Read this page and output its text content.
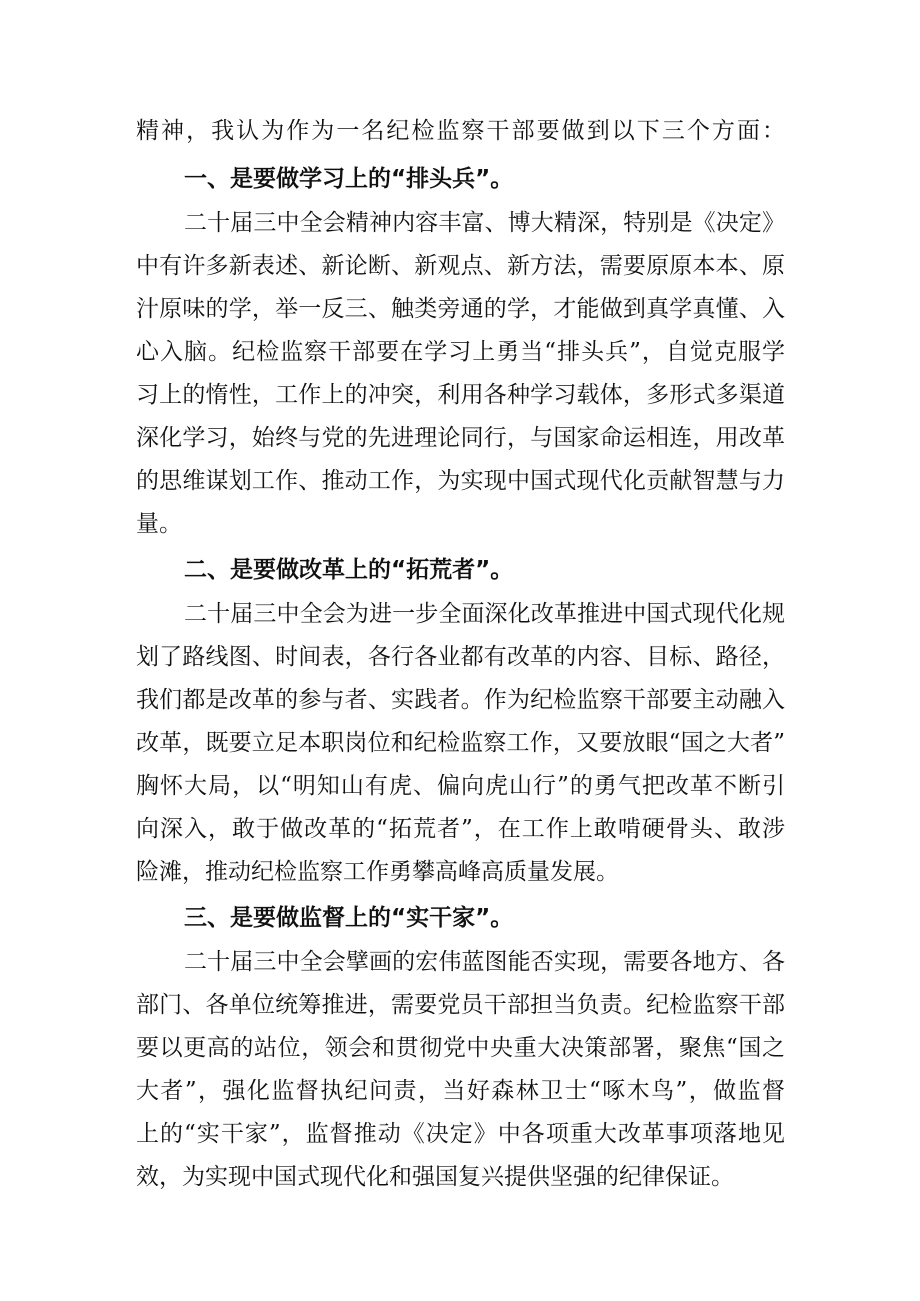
精神，我认为作为一名纪检监察干部要做到以下三个方面：
一、是要做学习上的“排头兵”。
二十届三中全会精神内容丰富、博大精深，特别是《决定》
中有许多新表述、新论断、新观点、新方法，需要原原本本、原
汁原味的学，举一反三、触类旁通的学，才能做到真学真懂、入
心入脑。纪检监察干部要在学习上勇当“排头兵”，自觉克服学
习上的惰性，工作上的冲突，利用各种学习载体，多形式多渠道
深化学习，始终与党的先进理论同行，与国家命运相连，用改革
的思维谋划工作、推动工作，为实现中国式现代化贡献智慧与力
量。
二、是要做改革上的“拓荒者”。
二十届三中全会为进一步全面深化改革推进中国式现代化规
划了路线图、时间表，各行各业都有改革的内容、目标、路径，
我们都是改革的参与者、实践者。作为纪检监察干部要主动融入
改革，既要立足本职岗位和纪检监察工作，又要放眼“国之大者”
胸怀大局，以“明知山有虎、偏向虎山行”的勇气把改革不断引
向深入，敢于做改革的“拓荒者”，在工作上敢啃硬骨头、敢涉
险滩，推动纪检监察工作勇攀高峰高质量发展。
三、是要做监督上的“实干家”。
二十届三中全会擘画的宏伟蓝图能否实现，需要各地方、各
部门、各单位统筹推进，需要党员干部担当负责。纪检监察干部
要以更高的站位，领会和贯彻党中央重大决策部署，聚焦“国之
大者”，强化监督执纪问责，当好森林卫士“啄木鸟”，做监督
上的“实干家”，监督推动《决定》中各项重大改革事项落地见
效，为实现中国式现代化和强国复兴提供坚强的纪律保证。
